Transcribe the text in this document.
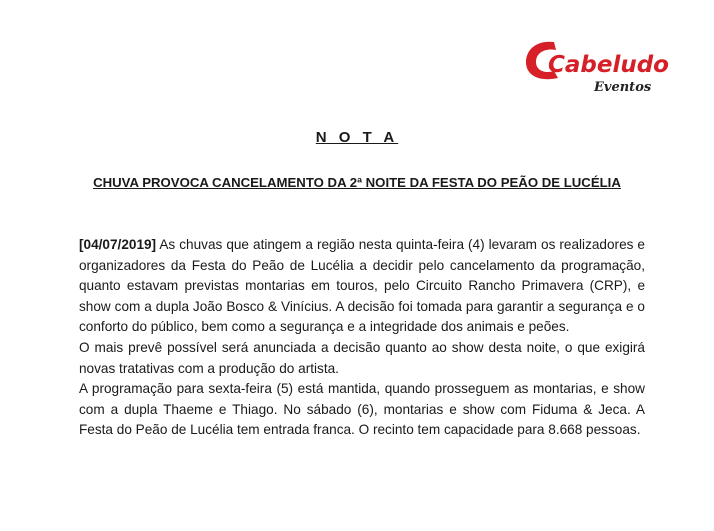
Cabeludo
Eventos
N O T A
CHUVA PROVOCA CANCELAMENTO DA 2ª NOITE DA FESTA DO PEÃO DE LUCÉLIA

[04/07/2019] As chuvas que atingem a região nesta quinta-feira (4) levaram os realizadores e organizadores da Festa do Peão de Lucélia a decidir pelo cancelamento da programação, quanto estavam previstas montarias em touros, pelo Circuito Rancho Primavera (CRP), e show com a dupla João Bosco & Vinícius. A decisão foi tomada para garantir a segurança e o conforto do público, bem como a segurança e a integridade dos animais e peões.

O mais prevê possível será anunciada a decisão quanto ao show desta noite, o que exigirá novas tratativas com a produção do artista.

A programação para sexta-feira (5) está mantida, quando prosseguem as montarias, e show com a dupla Thaeme e Thiago. No sábado (6), montarias e show com Fiduma & Jeca. A Festa do Peão de Lucélia tem entrada franca. O recinto tem capacidade para 8.668 pessoas.
